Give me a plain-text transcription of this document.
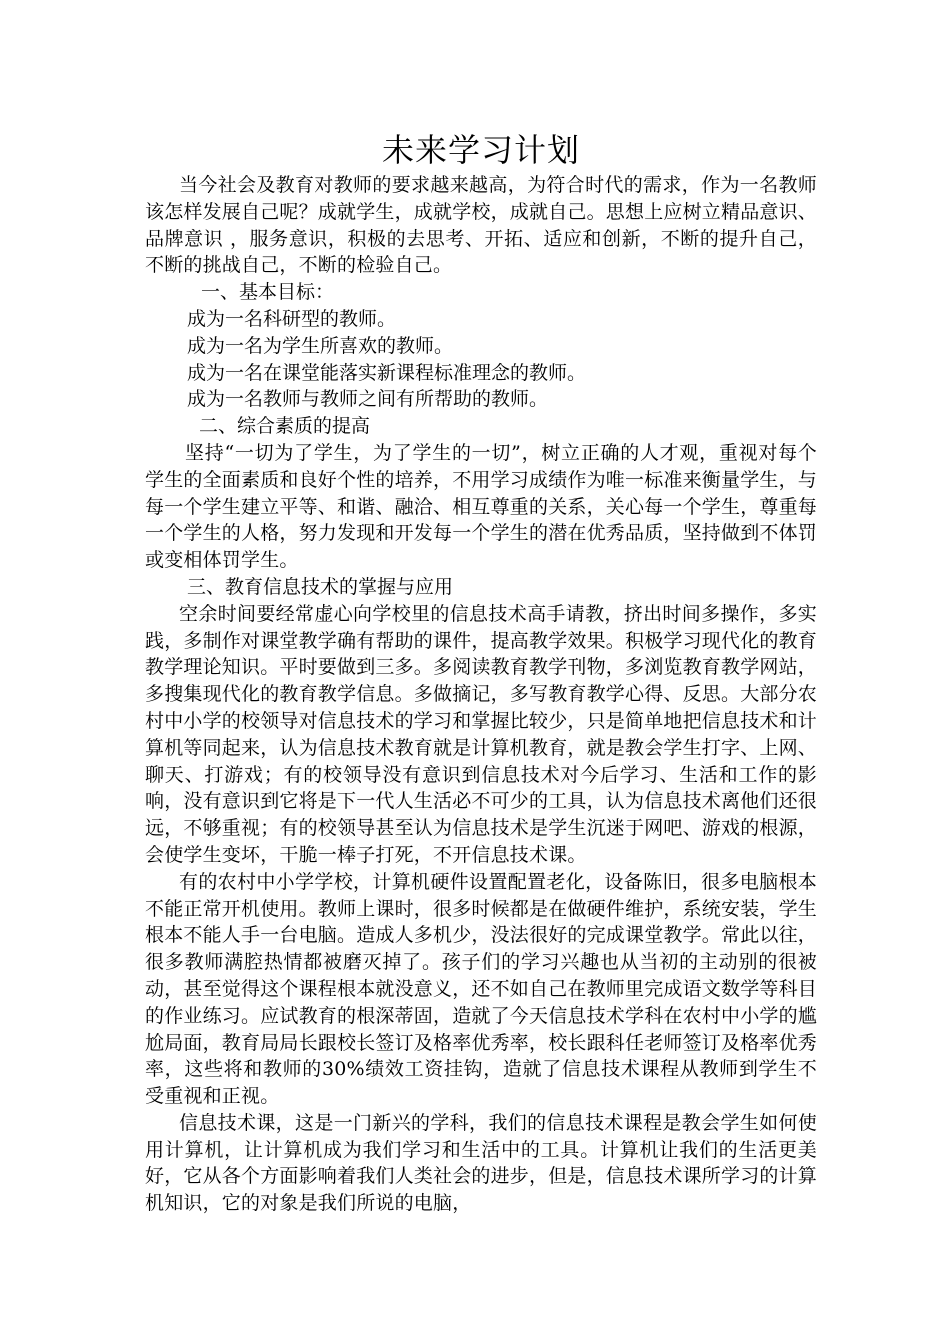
未来学习计划

当今社会及教育对教师的要求越来越高，为符合时代的需求，作为一名教师该怎样发展自己呢？成就学生，成就学校，成就自己。思想上应树立精品意识、品牌意识 ，服务意识，积极的去思考、开拓、适应和创新，不断的提升自己，不断的挑战自己，不断的检验自己。

一、基本目标：

成为一名科研型的教师。

成为一名为学生所喜欢的教师。

成为一名在课堂能落实新课程标准理念的教师。

成为一名教师与教师之间有所帮助的教师。

二、综合素质的提高

坚持“一切为了学生，为了学生的一切”，树立正确的人才观，重视对每个学生的全面素质和良好个性的培养，不用学习成绩作为唯一标准来衡量学生，与每一个学生建立平等、和谐、融洽、相互尊重的关系，关心每一个学生，尊重每一个学生的人格，努力发现和开发每一个学生的潜在优秀品质，坚持做到不体罚或变相体罚学生。

三、教育信息技术的掌握与应用

空余时间要经常虚心向学校里的信息技术高手请教，挤出时间多操作，多实践，多制作对课堂教学确有帮助的课件，提高教学效果。积极学习现代化的教育教学理论知识。平时要做到三多。多阅读教育教学刊物，多浏览教育教学网站，多搜集现代化的教育教学信息。多做摘记，多写教育教学心得、反思。大部分农村中小学的校领导对信息技术的学习和掌握比较少，只是简单地把信息技术和计算机等同起来，认为信息技术教育就是计算机教育，就是教会学生打字、上网、聊天、打游戏；有的校领导没有意识到信息技术对今后学习、生活和工作的影响，没有意识到它将是下一代人生活必不可少的工具，认为信息技术离他们还很远，不够重视；有的校领导甚至认为信息技术是学生沉迷于网吧、游戏的根源，会使学生变坏，干脆一棒子打死，不开信息技术课。

有的农村中小学学校，计算机硬件设置配置老化，设备陈旧，很多电脑根本不能正常开机使用。教师上课时，很多时候都是在做硬件维护，系统安装，学生根本不能人手一台电脑。造成人多机少，没法很好的完成课堂教学。常此以往，很多教师满腔热情都被磨灭掉了。孩子们的学习兴趣也从当初的主动别的很被动，甚至觉得这个课程根本就没意义，还不如自己在教师里完成语文数学等科目的作业练习。应试教育的根深蒂固，造就了今天信息技术学科在农村中小学的尴尬局面，教育局局长跟校长签订及格率优秀率，校长跟科任老师签订及格率优秀率，这些将和教师的30%绩效工资挂钩，造就了信息技术课程从教师到学生不受重视和正视。

信息技术课，这是一门新兴的学科，我们的信息技术课程是教会学生如何使用计算机，让计算机成为我们学习和生活中的工具。计算机让我们的生活更美好，它从各个方面影响着我们人类社会的进步，但是，信息技术课所学习的计算机知识，它的对象是我们所说的电脑，
